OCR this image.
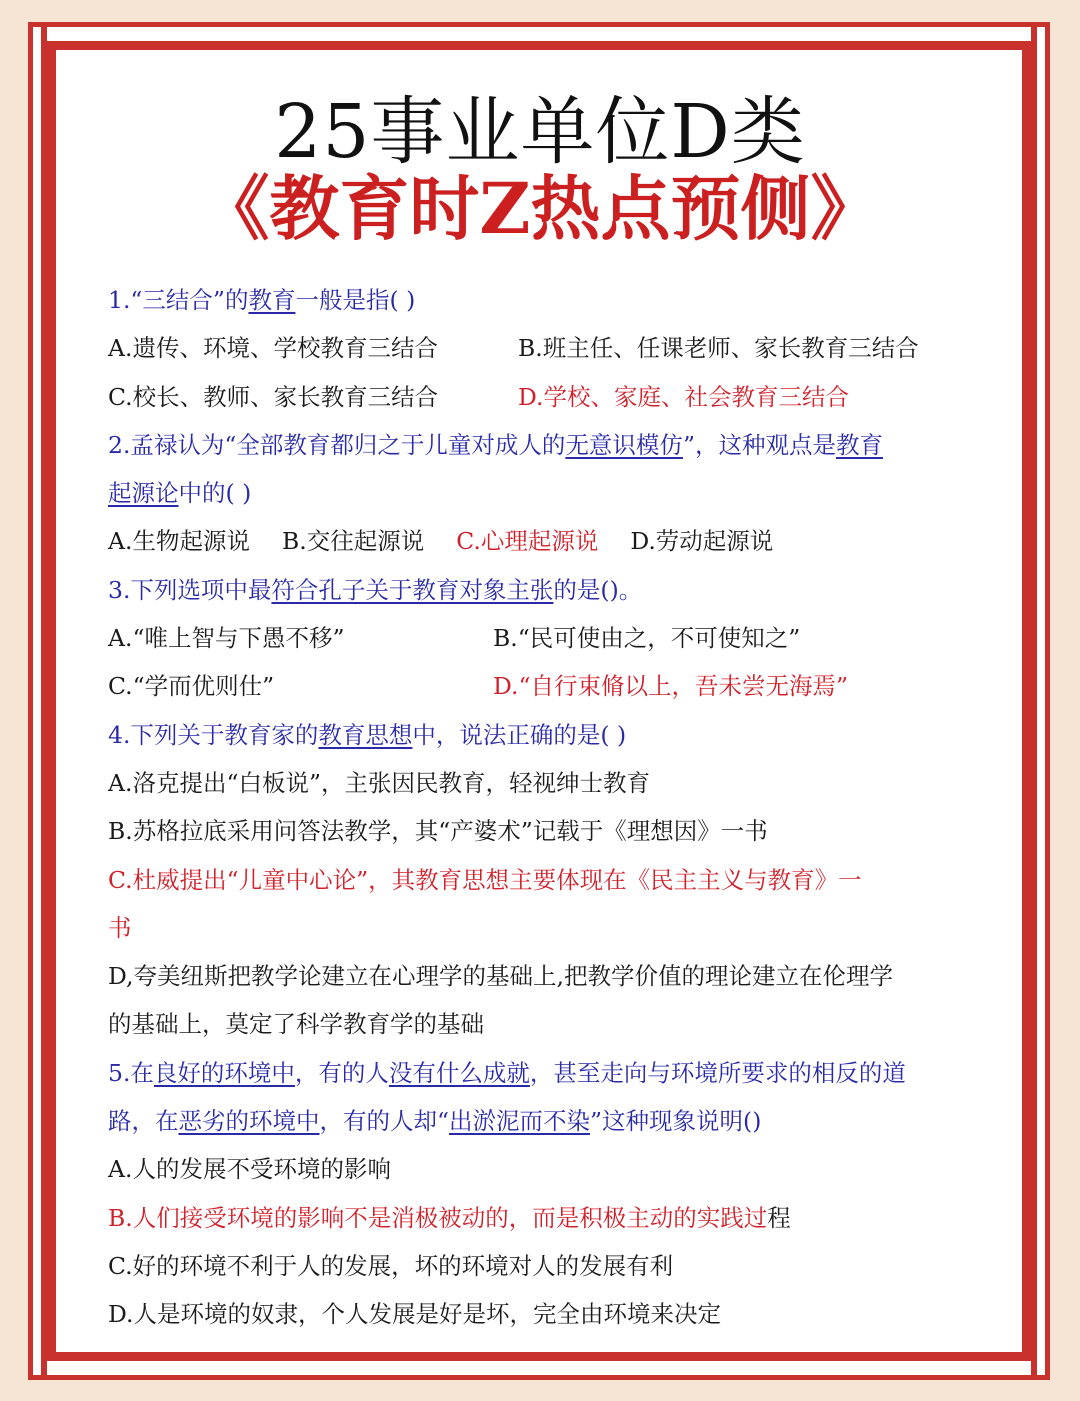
25事业单位D类
《教育时Z热点预侧》
1.“三结合”的教育一般是指( )
A.遗传、环境、学校教育三结合	B.班主任、任课老师、家长教育三结合
C.校长、教师、家长教育三结合	D.学校、家庭、社会教育三结合
2.孟禄认为“全部教育都归之于儿童对成人的无意识模仿”，这种观点是教育
起源论中的( )
A.生物起源说 B.交往起源说 C.心理起源说 D.劳动起源说
3.下列选项中最符合孔子关于教育对象主张的是()。
A.“唯上智与下愚不移”	B.“民可使由之，不可使知之”
C.“学而优则仕”	D.“自行束脩以上，吾未尝无海焉”
4.下列关于教育家的教育思想中，说法正确的是( )
A.洛克提出“白板说”，主张因民教育，轻视绅士教育
B.苏格拉底采用问答法教学，其“产婆术”记载于《理想因》一书
C.杜威提出“儿童中心论”，其教育思想主要体现在《民主主义与教育》一
书
D,夸美纽斯把教学论建立在心理学的基础上,把教学价值的理论建立在伦理学
的基础上，莫定了科学教育学的基础
5.在良好的环境中，有的人没有什么成就，甚至走向与环境所要求的相反的道
路，在恶劣的环境中，有的人却“出淤泥而不染”这种现象说明()
A.人的发展不受环境的影响
B.人们接受环境的影响不是消极被动的，而是积极主动的实践过程
C.好的环境不利于人的发展，坏的环境对人的发展有利
D.人是环境的奴隶，个人发展是好是坏，完全由环境来决定
